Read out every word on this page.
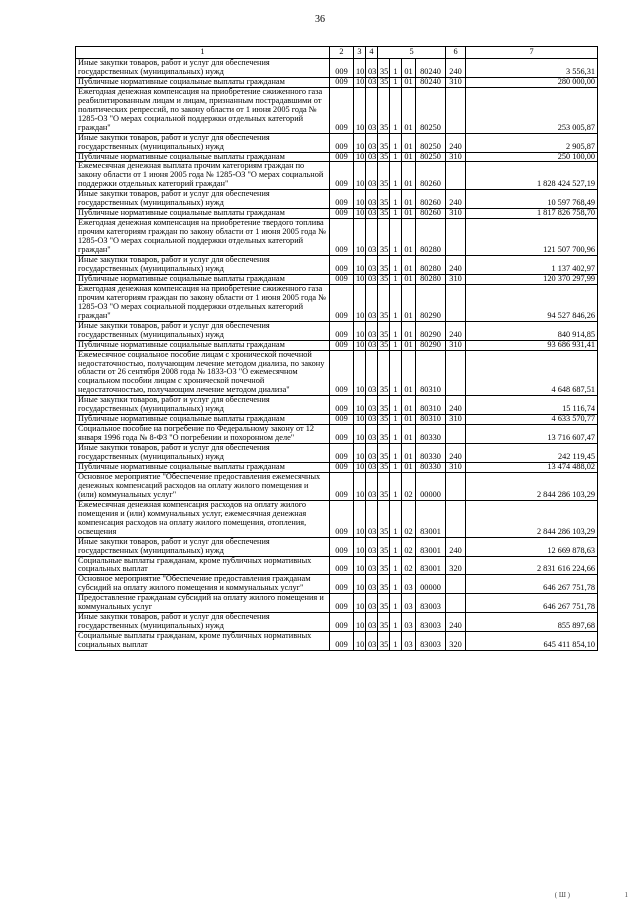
36
1	2	3	4	5				6	7
Иные закупки товаров, работ и услуг для обеспечения государственных (муниципальных) нужд	009	10	03	35	1	01	80240	240	3 556,31
Публичные нормативные социальные выплаты гражданам	009	10	03	35	1	01	80240	310	280 000,00
Ежегодная денежная компенсация на приобретение сжиженного газа реабилитированным лицам и лицам, признанным пострадавшими от политических репрессий, по закону области от 1 июня 2005 года № 1285-ОЗ "О мерах социальной поддержки отдельных категорий граждан"	009	10	03	35	1	01	80250		253 005,87
Иные закупки товаров, работ и услуг для обеспечения государственных (муниципальных) нужд	009	10	03	35	1	01	80250	240	2 905,87
Публичные нормативные социальные выплаты гражданам	009	10	03	35	1	01	80250	310	250 100,00
Ежемесячная денежная выплата прочим категориям граждан по закону области от 1 июня 2005 года № 1285-ОЗ "О мерах социальной поддержки отдельных категорий граждан"	009	10	03	35	1	01	80260		1 828 424 527,19
Иные закупки товаров, работ и услуг для обеспечения государственных (муниципальных) нужд	009	10	03	35	1	01	80260	240	10 597 768,49
Публичные нормативные социальные выплаты гражданам	009	10	03	35	1	01	80260	310	1 817 826 758,70
Ежегодная денежная компенсация на приобретение твердого топлива прочим категориям граждан по закону области от 1 июня 2005 года № 1285-ОЗ "О мерах социальной поддержки отдельных категорий граждан"	009	10	03	35	1	01	80280		121 507 700,96
Иные закупки товаров, работ и услуг для обеспечения государственных (муниципальных) нужд	009	10	03	35	1	01	80280	240	1 137 402,97
Публичные нормативные социальные выплаты гражданам	009	10	03	35	1	01	80280	310	120 370 297,99
Ежегодная денежная компенсация на приобретение сжиженного газа прочим категориям граждан по закону области от 1 июня 2005 года № 1285-ОЗ "О мерах социальной поддержки отдельных категорий граждан"	009	10	03	35	1	01	80290		94 527 846,26
Иные закупки товаров, работ и услуг для обеспечения государственных (муниципальных) нужд	009	10	03	35	1	01	80290	240	840 914,85
Публичные нормативные социальные выплаты гражданам	009	10	03	35	1	01	80290	310	93 686 931,41
Ежемесячное социальное пособие лицам с хронической почечной недостаточностью, получающим лечение методом диализа, по закону области от 26 сентября 2008 года № 1833-ОЗ "О ежемесячном социальном пособии лицам с хронической почечной недостаточностью, получающим лечение методом диализа"	009	10	03	35	1	01	80310		4 648 687,51
Иные закупки товаров, работ и услуг для обеспечения государственных (муниципальных) нужд	009	10	03	35	1	01	80310	240	15 116,74
Публичные нормативные социальные выплаты гражданам	009	10	03	35	1	01	80310	310	4 633 570,77
Социальное пособие на погребение по Федеральному закону от 12 января 1996 года № 8-ФЗ "О погребении и похоронном деле"	009	10	03	35	1	01	80330		13 716 607,47
Иные закупки товаров, работ и услуг для обеспечения государственных (муниципальных) нужд	009	10	03	35	1	01	80330	240	242 119,45
Публичные нормативные социальные выплаты гражданам	009	10	03	35	1	01	80330	310	13 474 488,02
Основное мероприятие "Обеспечение предоставления ежемесячных денежных компенсаций расходов на оплату жилого помещения и (или) коммунальных услуг"	009	10	03	35	1	02	00000		2 844 286 103,29
Ежемесячная денежная компенсация расходов на оплату жилого помещения и (или) коммунальных услуг, ежемесячная денежная компенсация расходов на оплату жилого помещения, отопления, освещения	009	10	03	35	1	02	83001		2 844 286 103,29
Иные закупки товаров, работ и услуг для обеспечения государственных (муниципальных) нужд	009	10	03	35	1	02	83001	240	12 669 878,63
Социальные выплаты гражданам, кроме публичных нормативных социальных выплат	009	10	03	35	1	02	83001	320	2 831 616 224,66
Основное мероприятие "Обеспечение предоставления гражданам субсидий на оплату жилого помещения и коммунальных услуг"	009	10	03	35	1	03	00000		646 267 751,78
Предоставление гражданам субсидий на оплату жилого помещения и коммунальных услуг	009	10	03	35	1	03	83003		646 267 751,78
Иные закупки товаров, работ и услуг для обеспечения государственных (муниципальных) нужд	009	10	03	35	1	03	83003	240	855 897,68
Социальные выплаты гражданам, кроме публичных нормативных социальных выплат	009	10	03	35	1	03	83003	320	645 411 854,10
( Ш )	1
